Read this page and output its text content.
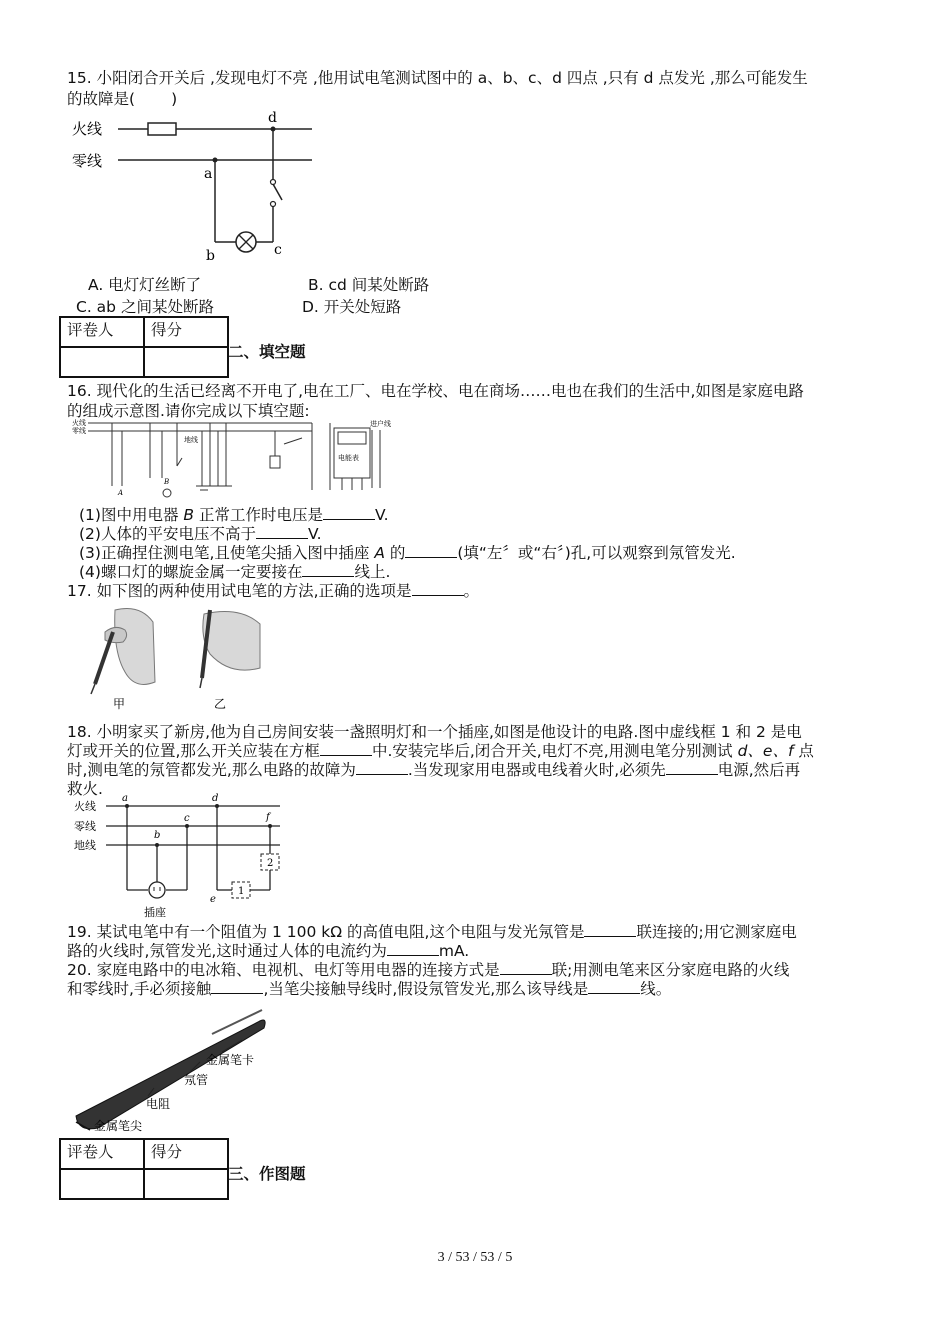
15. 小阳闭合开关后 ,发现电灯不亮 ,他用试电笔测试图中的 a、b、c、d 四点 ,只有 d 点发光 ,那么可能发生
的故障是( )
火线
零线
d
a
b	c
A. 电灯灯丝断了	B. cd 间某处断路
C. ab 之间某处断路	D. 开关处短路
评卷人	得分

二、填空题
16. 现代化的生活已经离不开电了,电在工厂、电在学校、电在商场……电也在我们的生活中,如图是家庭电路
的组成示意图.请你完成以下填空题:
火线
零线
A
B
地线
电能表
进户线
(1)图中用电器 B 正常工作时电压是	V.
(2)人体的平安电压不高于	V.
(3)正确捏住测电笔,且使笔尖插入图中插座 A 的	(填“左〞或“右〞)孔,可以观察到氖管发光.
(4)螺口灯的螺旋金属一定要接在	线上.
17. 如下图的两种使用试电笔的方法,正确的选项是	。
甲	乙
18. 小明家买了新房,他为自己房间安装一盏照明灯和一个插座,如图是他设计的电路.图中虚线框 1 和 2 是电
灯或开关的位置,那么开关应装在方框	中.安装完毕后,闭合开关,电灯不亮,用测电笔分别测试 d、e、f 点
时,测电笔的氖管都发光,那么电路的故障为	.当发现家用电器或电线着火时,必须先	电源,然后再
救火.
火线
零线
地线
a
b
c
插座
d
e
1
2
f
19. 某试电笔中有一个阻值为 1 100 kΩ 的高值电阻,这个电阻与发光氖管是	联连接的;用它测家庭电
路的火线时,氖管发光,这时通过人体的电流约为	mA.
20. 家庭电路中的电冰箱、电视机、电灯等用电器的连接方式是	联;用测电笔来区分家庭电路的火线
和零线时,手必须接触	,当笔尖接触导线时,假设氖管发光,那么该导线是	线。
金属笔卡
氖管
电阻
金属笔尖
评卷人	得分

三、作图题
3 / 53 / 53 / 5
